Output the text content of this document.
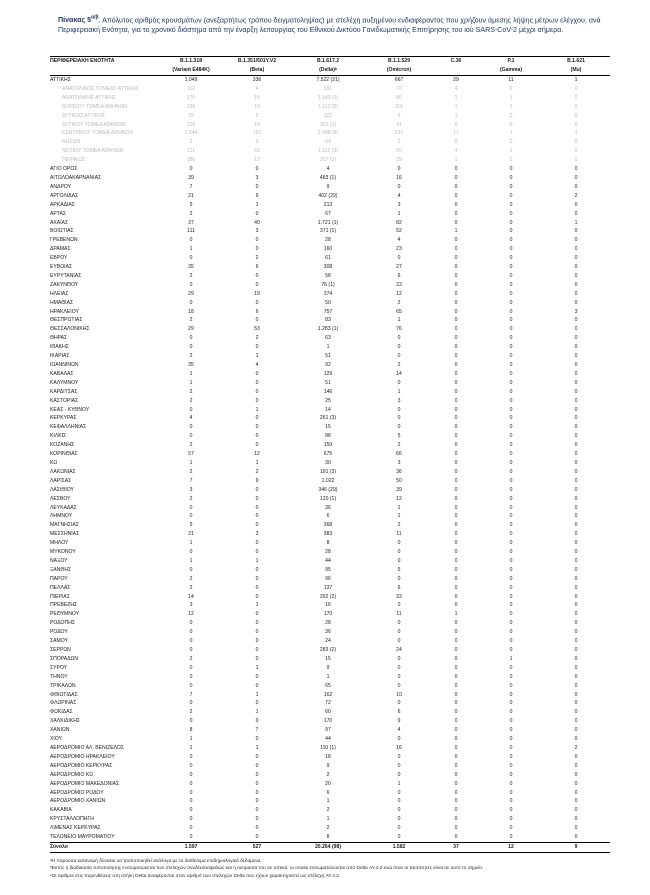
Πίνακας $5^{\alpha/\beta}$. Απόλυτος αριθμός κρουσμάτων (ανεξαρτήτως τρόπου δειγματοληψίας) με στελέχη αυξημένου ενδιαφέροντος που χρήζουν άμεσης λήψης μέτρων ελέγχου, ανά Περιφερειακή Ενότητα, για το χρονικό διάστημα από την έναρξη λειτουργίας του Εθνικού Δικτύου Γονιδιωματικής Επιτήρησης του ιού SARS-CoV-2 μέχρι σήμερα.
ΠΕΡΙΦΕΡΕΙΑΚΗ ΕΝΟΤΗΤΑ	B.1.1.318	B.1.351/501Y.V2	B.1.617.2	B.1.1.529	C.36	P.1	B.1.621
	(Variant E484K)	(Beta)	(Delta)ᵇ	(Omicron)		(Gamma)	(Mu)
ΑΤΤΙΚΗΣ	1.049	336	7.522 (21)	667	29	11	1
ΑΝΑΤΟΛΙΚΟΣ ΤΟΜΕΑΣ ΑΤΤΙΚΗΣ	102	4	391	70	4	0	0
ΑΝΑΤΟΛΙΚΗΣ ΑΤΤΙΚΗΣ	176	16	1.143 (1)	80	1	1	0
ΒΟΡΕΙΟΥ ΤΟΜΕΑ ΑΘΗΝΩΝ	166	19	1.123 (5)	116	1	3	0
ΔΥΤΙΚΗΣ ΑΤΤΙΚΗΣ	39	5	322	6	1	0	0
ΔΥΤΙΚΟΥ ΤΟΜΕΑ ΑΘΗΝΩΝ	120	19	302 (1)	41	0	0	0
ΚΕΝΤΡΙΚΟΥ ΤΟΜΕΑ ΑΘΗΝΩΝ	1.244	167	2.488 (8)	231	17	1	1
ΝΗΣΩΝ	3	0	64	2	0	0	0
ΝΟΤΙΟΥ ΤΟΜΕΑ ΑΘΗΝΩΝ	111	63	1.112 (3)	50	4	1	0
ΠΕΙΡΑΙΩΣ	186	13	317 (3)	29	1	0	0
ΑΓΙΟ ΟΡΟΣ	0	0	4	0	0	0	0
ΑΙΤΩΛΟΑΚΑΡΝΑΝΙΑΣ	39	3	483 (1)	16	0	0	0
ΑΝΔΡΟΥ	7	0	9	0	0	0	0
ΑΡΓΟΛΙΔΑΣ	21	9	402 (29)	4	0	0	2
ΑΡΚΑΔΙΑΣ	5	1	213	3	0	0	0
ΑΡΤΑΣ	2	0	67	1	0	0	0
ΑΧΑΪΑΣ	37	40	1.721 (1)	82	0	0	1
ΒΟΙΩΤΙΑΣ	111	3	371 (1)	52	1	0	0
ΓΡΕΒΕΝΩΝ	0	0	28	4	0	0	0
ΔΡΑΜΑΣ	1	0	160	23	0	0	0
ΕΒΡΟΥ	0	2	61	0	0	0	0
ΕΥΒΟΙΑΣ	35	6	308	27	0	0	0
ΕΥΡΥΤΑΝΙΑΣ	2	0	58	6	0	0	0
ΖΑΚΥΝΘΟΥ	0	0	76 (1)	22	0	0	0
ΗΛΕΙΑΣ	29	19	374	12	0	0	0
ΗΜΑΘΙΑΣ	0	0	50	2	0	0	0
ΗΡΑΚΛΕΙΟΥ	18	6	757	65	0	0	3
ΘΕΣΠΡΩΤΙΑΣ	2	0	83	1	0	0	0
ΘΕΣΣΑΛΟΝΙΚΗΣ	29	53	1.283 (1)	76	0	0	0
ΘΗΡΑΣ	0	2	63	0	0	0	0
ΙΘΑΚΗΣ	0	0	1	0	0	0	0
ΙΚΑΡΙΑΣ	2	1	51	0	0	0	0
ΙΩΑΝΝΙΝΩΝ	35	4	92	2	0	0	0
ΚΑΒΑΛΑΣ	1	0	129	14	0	0	0
ΚΑΛΥΜΝΟΥ	1	0	51	0	0	0	0
ΚΑΡΔΙΤΣΑΣ	2	0	146	1	0	0	0
ΚΑΣΤΟΡΙΑΣ	2	0	25	3	0	0	0
ΚΕΑΣ - ΚΥΘΝΟΥ	0	1	14	0	0	0	0
ΚΕΡΚΥΡΑΣ	4	0	261 (3)	0	0	0	0
ΚΕΦΑΛΛΗΝΙΑΣ	0	0	15	0	0	0	0
ΚΙΛΚΙΣ	0	0	88	5	0	0	0
ΚΟΖΑΝΗΣ	2	0	150	2	0	0	0
ΚΟΡΙΝΘΙΑΣ	57	12	675	66	0	0	0
ΚΩ	1	1	30	3	0	0	0
ΛΑΚΩΝΙΑΣ	2	2	191 (3)	36	0	0	0
ΛΑΡΙΣΑΣ	7	9	1.022	50	0	0	0
ΛΑΣΙΘΙΟΥ	3	0	346 (29)	39	0	0	0
ΛΕΣΒΟΥ	2	0	120 (1)	12	0	0	0
ΛΕΥΚΑΔΑΣ	0	0	36	1	0	0	0
ΛΗΜΝΟΥ	0	0	6	1	0	0	0
ΜΑΓΝΗΣΙΑΣ	5	0	368	2	0	0	0
ΜΕΣΣΗΝΙΑΣ	21	3	383	11	0	0	0
ΜΗΛΟΥ	1	0	8	0	0	0	0
ΜΥΚΟΝΟΥ	0	0	28	0	0	0	0
ΝΑΞΟΥ	1	1	44	0	0	0	0
ΞΑΝΘΗΣ	0	0	95	5	0	0	0
ΠΑΡΟΥ	2	0	96	0	0	0	0
ΠΕΛΛΑΣ	2	0	137	6	0	0	0
ΠΙΕΡΙΑΣ	14	0	292 (2)	33	0	0	0
ΠΡΕΒΕΖΗΣ	3	1	16	0	0	0	0
ΡΕΘΥΜΝΟΥ	12	0	170	11	1	0	0
ΡΟΔΟΠΗΣ	0	0	28	0	0	0	0
ΡΟΔΟΥ	0	0	36	0	0	0	0
ΣΑΜΟΥ	0	0	24	0	0	0	0
ΣΕΡΡΩΝ	0	0	283 (2)	24	0	0	0
ΣΠΟΡΑΔΩΝ	2	0	15	0	0	1	0
ΣΥΡΟΥ	0	1	9	0	0	0	0
ΤΗΝΟΥ	0	0	1	0	0	0	0
ΤΡΙΚΑΛΩΝ	0	0	65	0	0	0	0
ΦΘΙΩΤΙΔΑΣ	7	1	162	10	0	0	0
ΦΛΩΡΙΝΑΣ	0	0	72	0	0	0	0
ΦΩΚΙΔΑΣ	2	1	60	6	0	0	0
ΧΑΛΚΙΔΙΚΗΣ	0	0	170	9	0	0	0
ΧΑΝΙΩΝ	8	7	97	4	0	0	0
ΧΙΟΥ	1	0	44	0	0	0	0
ΑΕΡΟΔΡΟΜΙΟ ΑΛ. ΒΕΝΙΖΕΛΟΣ	1	1	110 (1)	16	0	0	2
ΑΕΡΟΔΡΟΜΙΟ ΗΡΑΚΛΕΙΟΥ	0	0	18	0	0	0	0
ΑΕΡΟΔΡΟΜΙΟ ΚΕΡΚΥΡΑΣ	0	0	9	0	0	0	0
ΑΕΡΟΔΡΟΜΙΟ ΚΩ	0	0	2	0	0	0	0
ΑΕΡΟΔΡΟΜΙΟ ΜΑΚΕΔΟΝΙΑΣ	0	0	20	1	0	0	0
ΑΕΡΟΔΡΟΜΙΟ ΡΟΔΟΥ	0	0	6	0	0	0	0
ΑΕΡΟΔΡΟΜΙΟ ΧΑΝΙΩΝ	0	0	1	0	0	0	0
ΚΑΚΑΒΙΑ	0	0	2	0	0	0	0
ΚΡΥΣΤΑΛΛΟΠΗΓΗ	0	0	1	0	0	0	0
ΛΙΜΕΝΑΣ ΚΕΡΚΥΡΑΣ	0	0	2	0	0	0	0
ΤΕΛΩΝΕΙΟ ΜΑΥΡΟΜΑΤΙΟΥ	0	0	8	0	0	0	0
Σύνολο	1.597	527	20.264 (98)	1.582	37	12	9
ᵃΗ παρούσα κατανομή δύναται να τροποποιηθεί ανάλογα με τα διαθέσιμα επιδημιολογικά δεδομένα.
ᵇΕκτός η διαδικασία τυποποίησης ενσωματώνεται των στελεχών συνδέει/ασφαλώς και η ονομασία του σε τοπικό, οι οποίοι ενσωματώνονται από Delta ΑΥ.4.2 ενώ όταν οι ταυτότητες είναι σε αυτό το σημείο.
ᶜΟι αριθμοί στις παρενθέσεις στη στήλη Delta αναφέρονται στον αριθμό των στελεχών Delta που έχουν χαρακτηριστεί ως στέλεχη ΑΥ.4.2.
